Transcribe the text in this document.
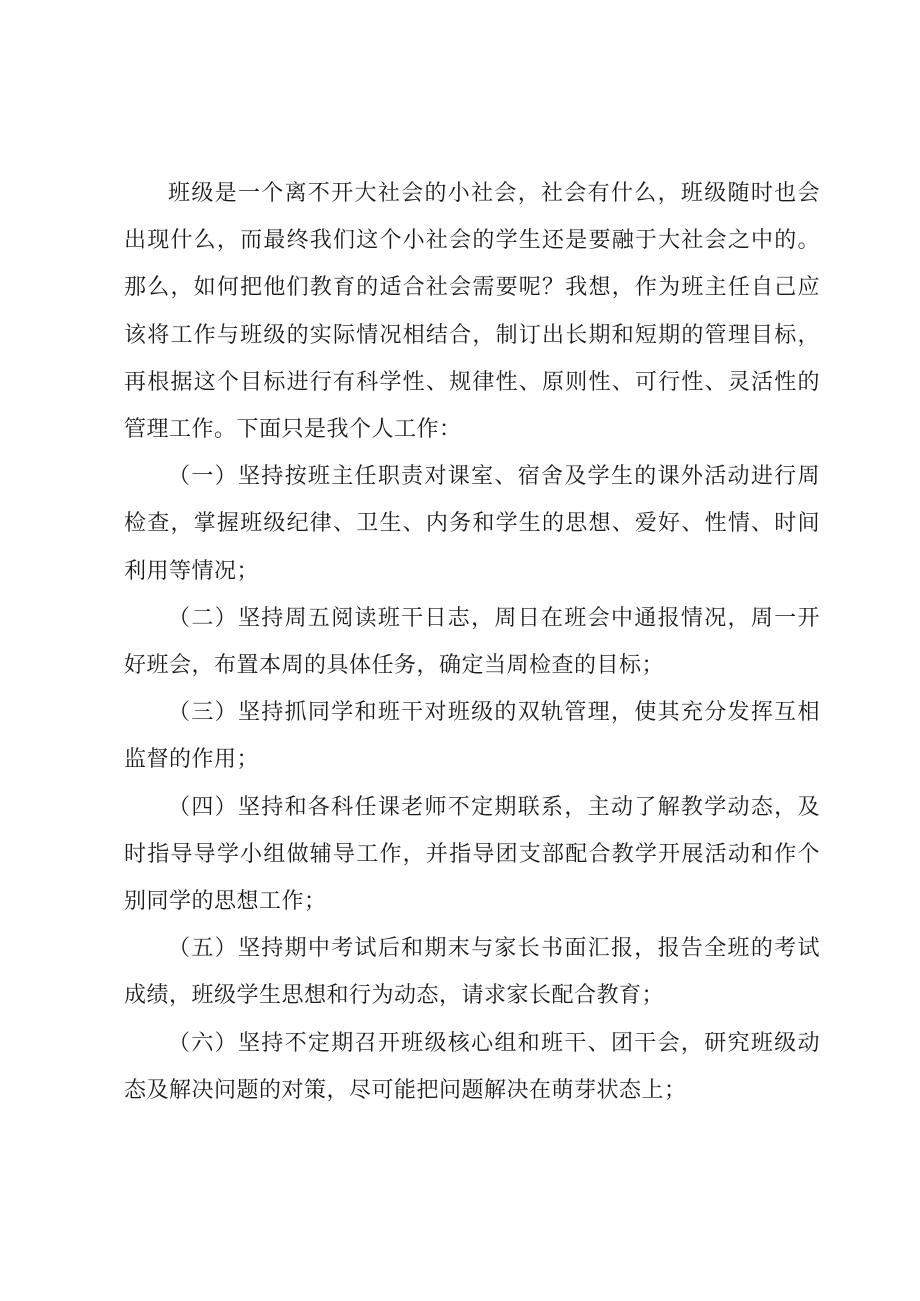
班级是一个离不开大社会的小社会，社会有什么，班级随时也会出现什么，而最终我们这个小社会的学生还是要融于大社会之中的。那么，如何把他们教育的适合社会需要呢？我想，作为班主任自己应该将工作与班级的实际情况相结合，制订出长期和短期的管理目标，再根据这个目标进行有科学性、规律性、原则性、可行性、灵活性的管理工作。下面只是我个人工作：

（一）坚持按班主任职责对课室、宿舍及学生的课外活动进行周检查，掌握班级纪律、卫生、内务和学生的思想、爱好、性情、时间利用等情况；

（二）坚持周五阅读班干日志，周日在班会中通报情况，周一开好班会，布置本周的具体任务，确定当周检查的目标；

（三）坚持抓同学和班干对班级的双轨管理，使其充分发挥互相监督的作用；

（四）坚持和各科任课老师不定期联系，主动了解教学动态，及时指导导学小组做辅导工作，并指导团支部配合教学开展活动和作个别同学的思想工作；

（五）坚持期中考试后和期末与家长书面汇报，报告全班的考试成绩，班级学生思想和行为动态，请求家长配合教育；

（六）坚持不定期召开班级核心组和班干、团干会，研究班级动态及解决问题的对策，尽可能把问题解决在萌芽状态上；
